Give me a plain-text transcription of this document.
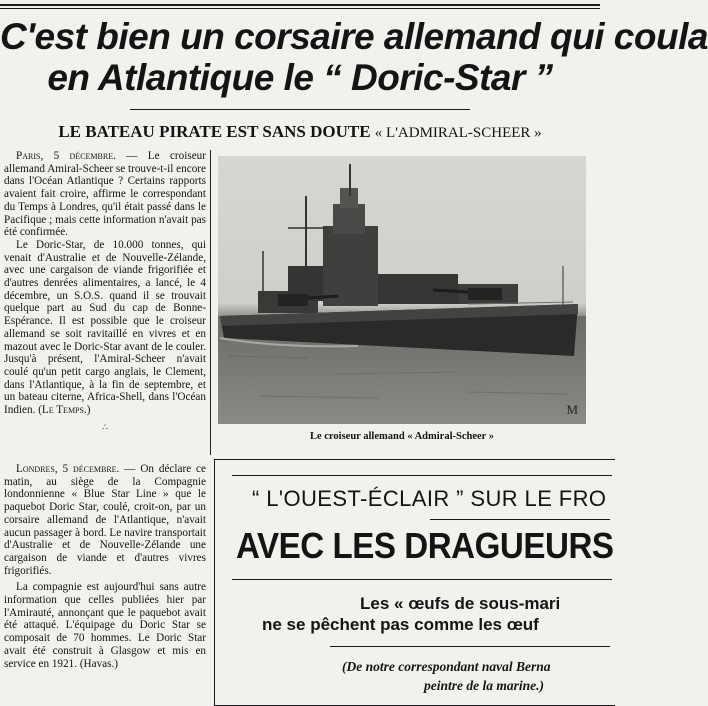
C'est bien un corsaire allemand qui coula
en Atlantique le “ Doric-Star ”
LE BATEAU PIRATE EST SANS DOUTE « L'ADMIRAL-SCHEER »

Paris, 5 décembre. — Le croiseur allemand Amiral-Scheer se trouve-t-il encore dans l'Océan Atlantique ? Certains rapports avaient fait croire, affirme le correspondant du Temps à Londres, qu'il était passé dans le Pacifique ; mais cette information n'avait pas été confirmée.

Le Doric-Star, de 10.000 tonnes, qui venait d'Australie et de Nouvelle-Zélande, avec une cargaison de viande frigorifiée et d'autres denrées alimentaires, a lancé, le 4 décembre, un S.O.S. quand il se trouvait quelque part au Sud du cap de Bonne-Espérance. Il est possible que le croiseur allemand se soit ravitaillé en vivres et en mazout avec le Doric-Star avant de le couler. Jusqu'à présent, l'Amiral-Scheer n'avait coulé qu'un petit cargo anglais, le Clement, dans l'Atlantique, à la fin de septembre, et un bateau citerne, Africa-Shell, dans l'Océan Indien. (Le Temps.)

∴

Londres, 5 décembre. — On déclare ce matin, au siège de la Compagnie londonnienne « Blue Star Line » que le paquebot Doric Star, coulé, croit-on, par un corsaire allemand de l'Atlantique, n'avait aucun passager à bord. Le navire transportait d'Australie et de Nouvelle-Zélande une cargaison de viande et d'autres vivres frigorifiés.

La compagnie est aujourd'hui sans autre information que celles publiées hier par l'Amirauté, annonçant que le paquebot avait été attaqué. L'équipage du Doric Star se composait de 70 hommes. Le Doric Star avait été construit à Glasgow et mis en service en 1921. (Havas.)

M
Le croiseur allemand « Admiral-Scheer »
“ L'OUEST-ÉCLAIR ” SUR LE FRO
AVEC LES DRAGUEURS
Les « œufs de sous-mari
ne se pêchent pas comme les œuf
(De notre correspondant naval Berna
peintre de la marine.)
